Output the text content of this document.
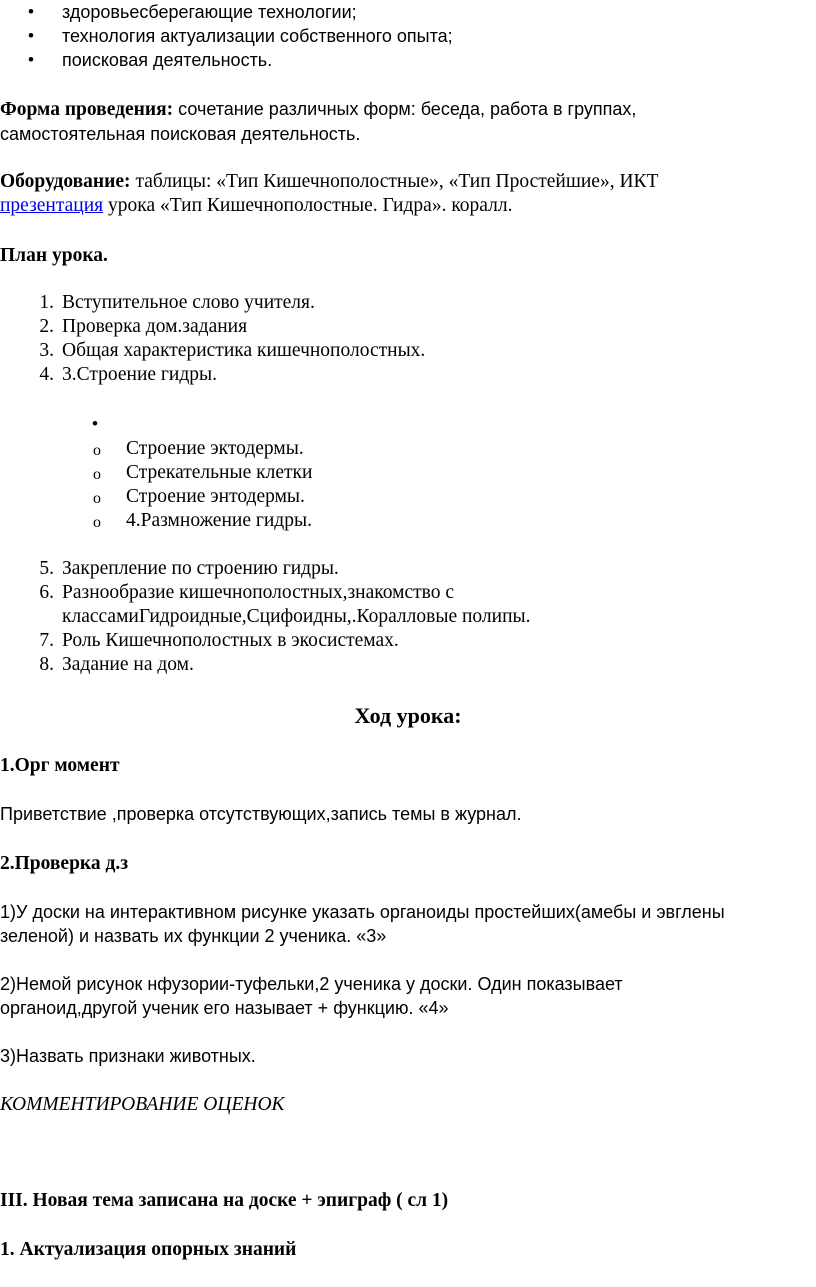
•	здоровьесберегающие технологии;
•	технология актуализации собственного опыта;
•	поисковая деятельность.

Форма проведения: сочетание различных форм: беседа, работа в группах,
самостоятельная поисковая деятельность.

Оборудование: таблицы: «Тип Кишечнополостные», «Тип Простейшие», ИКТ
презентация урока «Тип Кишечнополостные. Гидра». коралл.

План урока.

1. Вступительное слово учителя.
2. Проверка дом.задания
3. Общая характеристика кишечнополостных.
4. 3.Строение гидры.
•
o Строение эктодермы.
o Стрекательные клетки
o Строение энтодермы.
o 4.Размножение гидры.
5. Закрепление по строению гидры.
6. Разнообразие кишечнополостных,знакомство с
классамиГидроидные,Сцифоидны,.Коралловые полипы.
7. Роль Кишечнополостных в экосистемах.
8. Задание на дом.
Ход урока:

1.Орг момент

Приветствие ,проверка отсутствующих,запись темы в журнал.

2.Проверка д.з

1)У доски на интерактивном рисунке указать органоиды простейших(амебы и эвглены
зеленой) и назвать их функции 2 ученика. «3»

2)Немой рисунок нфузории-туфельки,2 ученика у доски. Один показывает
органоид,другой ученик его называет + функцию. «4»

3)Назвать признаки животных.

КОММЕНТИРОВАНИЕ ОЦЕНОК

III. Новая тема записана на доске + эпиграф ( сл 1)

1. Актуализация опорных знаний
